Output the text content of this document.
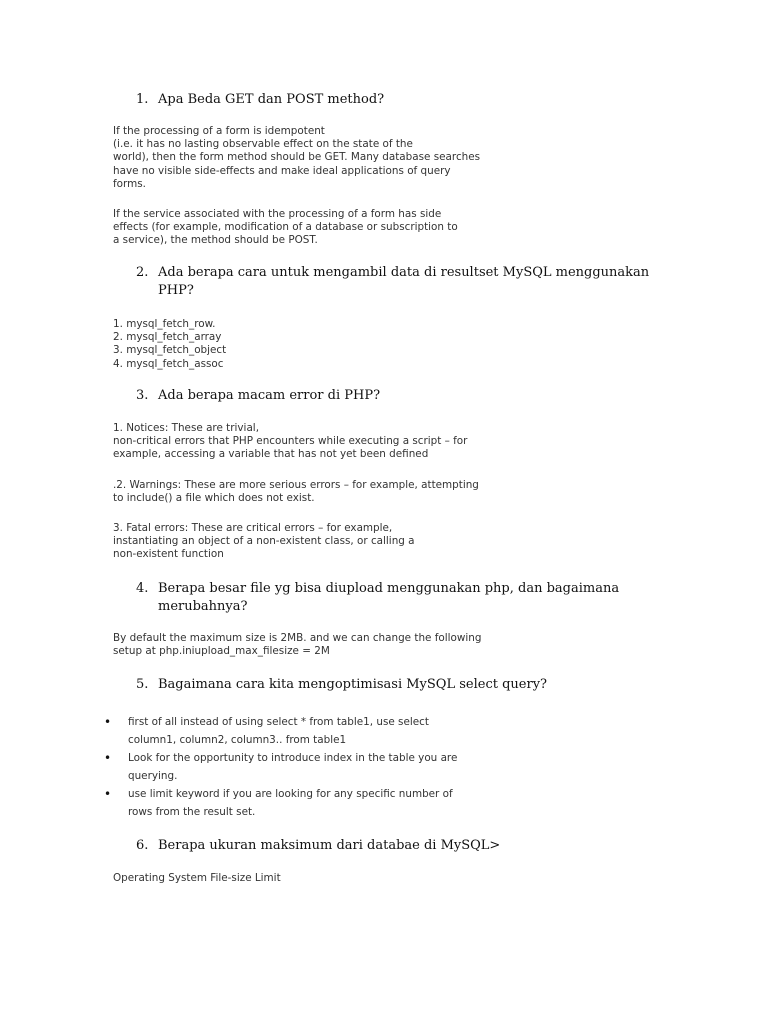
1. Apa Beda GET dan POST method?
If the processing of a form is idempotent
(i.e. it has no lasting observable effect on the state of the
world), then the form method should be GET. Many database searches
have no visible side-effects and make ideal applications of query
forms.
If the service associated with the processing of a form has side
effects (for example, modification of a database or subscription to
a service), the method should be POST.
2. Ada berapa cara untuk mengambil data di resultset MySQL menggunakan PHP?
1. mysql_fetch_row.
2. mysql_fetch_array
3. mysql_fetch_object
4. mysql_fetch_assoc
3. Ada berapa macam error di PHP?
1. Notices: These are trivial,
non-critical errors that PHP encounters while executing a script – for
example, accessing a variable that has not yet been defined
.2. Warnings: These are more serious errors – for example, attempting
to include() a file which does not exist.
3. Fatal errors: These are critical errors – for example,
instantiating an object of a non-existent class, or calling a
non-existent function
4. Berapa besar file yg bisa diupload menggunakan php, dan bagaimana merubahnya?
By default the maximum size is 2MB. and we can change the following
setup at php.iniupload_max_filesize = 2M
5. Bagaimana cara kita mengoptimisasi MySQL select query?
•	first of all instead of using select * from table1, use select
column1, column2, column3.. from table1
•	Look for the opportunity to introduce index in the table you are
querying.
•	use limit keyword if you are looking for any specific number of
rows from the result set.
6. Berapa ukuran maksimum dari databae di MySQL>
Operating System File-size Limit
